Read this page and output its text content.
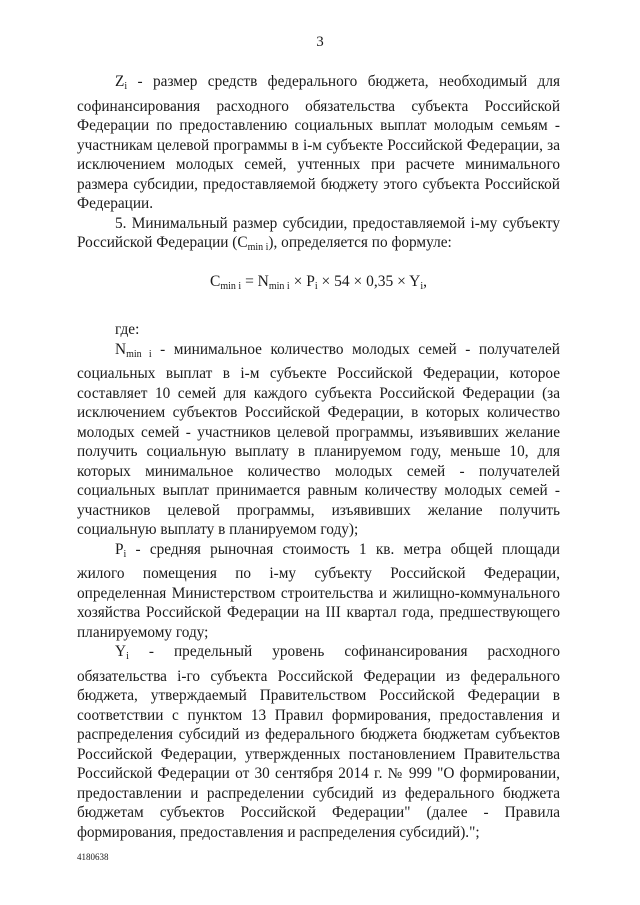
3

$Z_i$ - размер средств федерального бюджета, необходимый для софинансирования расходного обязательства субъекта Российской Федерации по предоставлению социальных выплат молодым семьям - участникам целевой программы в i-м субъекте Российской Федерации, за исключением молодых семей, учтенных при расчете минимального размера субсидии, предоставляемой бюджету этого субъекта Российской Федерации.

5. Минимальный размер субсидии, предоставляемой i-му субъекту Российской Федерации $(C_{min i})$, определяется по формуле:

$C_{min i} = N_{min i} \times P_i \times 54 \times 0,35 \times Y_i$,

где:

$N_{min i}$ - минимальное количество молодых семей - получателей социальных выплат в i-м субъекте Российской Федерации, которое составляет 10 семей для каждого субъекта Российской Федерации (за исключением субъектов Российской Федерации, в которых количество молодых семей - участников целевой программы, изъявивших желание получить социальную выплату в планируемом году, меньше 10, для которых минимальное количество молодых семей - получателей социальных выплат принимается равным количеству молодых семей - участников целевой программы, изъявивших желание получить социальную выплату в планируемом году);

$P_i$ - средняя рыночная стоимость 1 кв. метра общей площади жилого помещения по i-му субъекту Российской Федерации, определенная Министерством строительства и жилищно-коммунального хозяйства Российской Федерации на III квартал года, предшествующего планируемому году;

$Y_i$ - предельный уровень софинансирования расходного обязательства i-го субъекта Российской Федерации из федерального бюджета, утверждаемый Правительством Российской Федерации в соответствии с пунктом 13 Правил формирования, предоставления и распределения субсидий из федерального бюджета бюджетам субъектов Российской Федерации, утвержденных постановлением Правительства Российской Федерации от 30 сентября 2014 г. № 999 "О формировании, предоставлении и распределении субсидий из федерального бюджета бюджетам субъектов Российской Федерации" (далее - Правила формирования, предоставления и распределения субсидий).";

4180638
